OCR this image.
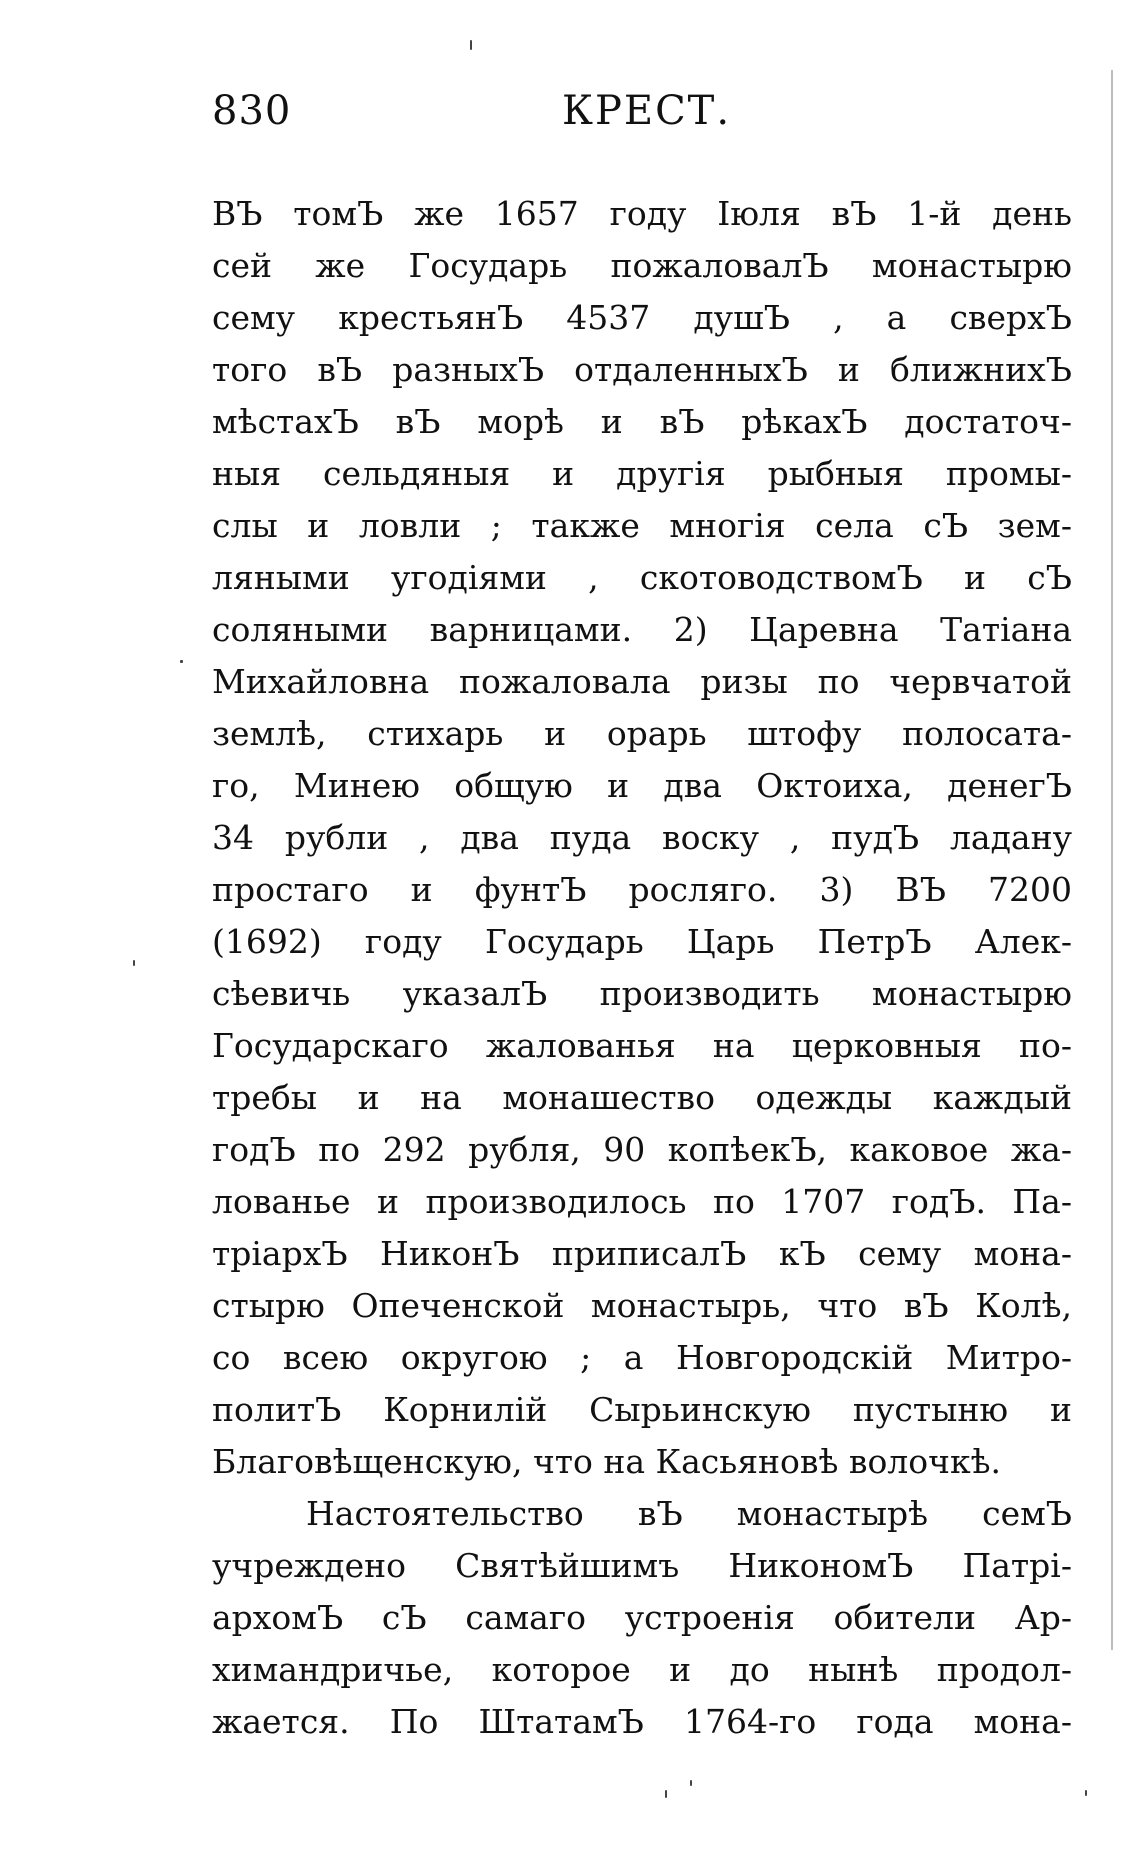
830	КРЕСТ.
ВЪ томЪ же 1657 году Іюля вЪ 1-й день
сей же Государь пожаловалЪ монастырю
сему крестьянЪ 4537 душЪ , а сверхЪ
того вЪ разныхЪ отдаленныхЪ и ближнихЪ
мѣстахЪ вЪ морѣ и вЪ рѣкахЪ достаточ-
ныя сельдяныя и другія рыбныя промы-
слы и ловли ; также многія села сЪ зем-
ляными угодіями , скотоводствомЪ и сЪ
соляными варницами. 2) Царевна Татіана
Михайловна пожаловала ризы по червчатой
землѣ, стихарь и орарь штофу полосата-
го, Минею общую и два Октоиха, денегЪ
34 рубли , два пуда воску , пудЪ ладану
простаго и фунтЪ росляго. 3) ВЪ 7200
(1692) году Государь Царь ПетрЪ Алек-
сѣевичь указалЪ производить монастырю
Государскаго жалованья на церковныя по-
требы и на монашество одежды каждый
годЪ по 292 рубля, 90 копѣекЪ, каковое жа-
лованье и производилось по 1707 годЪ. Па-
тріархЪ НиконЪ приписалЪ кЪ сему мона-
стырю Опеченской монастырь, что вЪ Колѣ,
со всею округою ; а Новгородскій Митро-
политЪ Корнилій Сырьинскую пустыню и
Благовѣщенскую, что на Касьяновѣ волочкѣ.
Настоятельство вЪ монастырѣ семЪ
учреждено Святѣйшимъ НикономЪ Патрі-
архомЪ сЪ самаго устроенія обители Ар-
химандричье, которое и до нынѣ продол-
жается. По ШтатамЪ 1764-го года мона-
